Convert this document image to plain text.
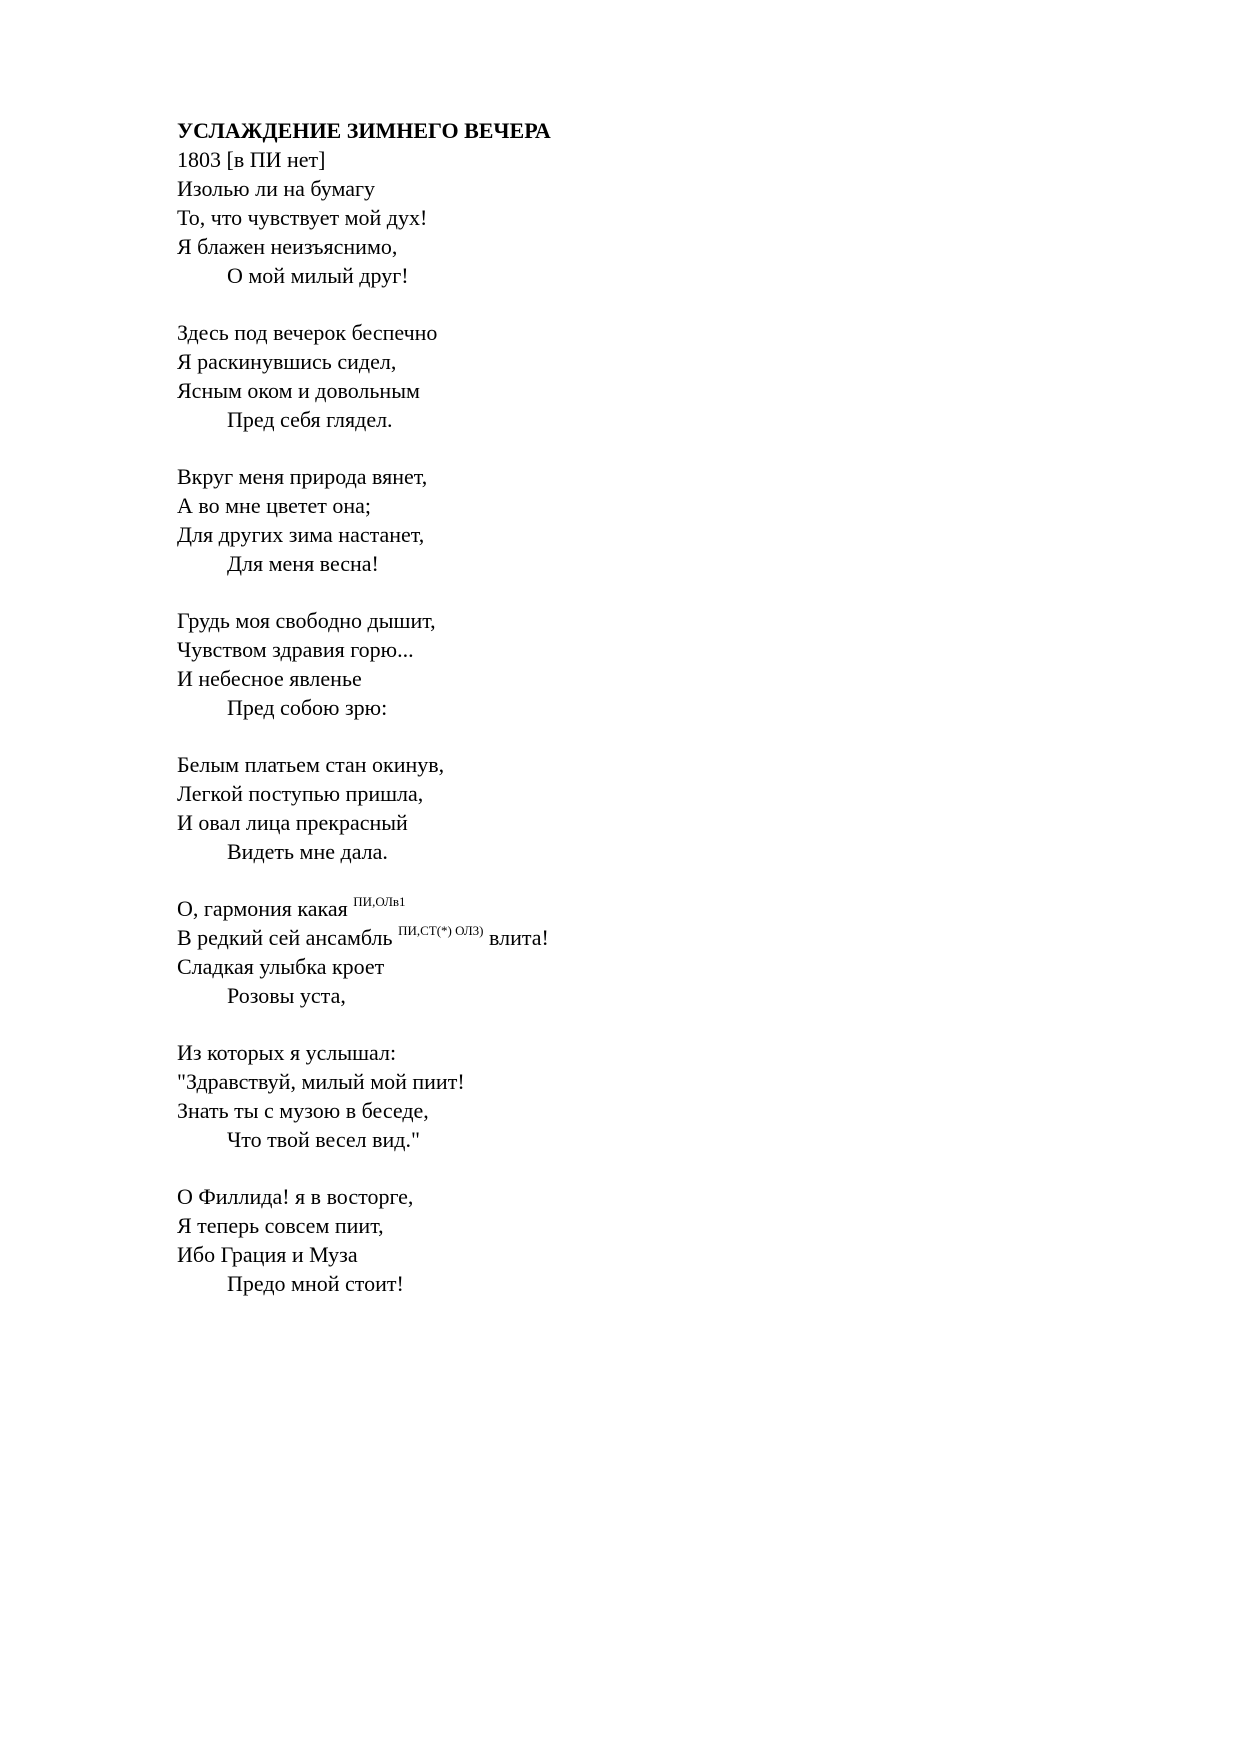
УСЛАЖДЕНИЕ ЗИМНЕГО ВЕЧЕРА
1803 [в ПИ нет]
Изолью ли на бумагу
То, что чувствует мой дух!
Я блажен неизъяснимо,
О мой милый друг!
Здесь под вечерок беспечно
Я раскинувшись сидел,
Ясным оком и довольным
Пред себя глядел.
Вкруг меня природа вянет,
А во мне цветет она;
Для других зима настанет,
Для меня весна!
Грудь моя свободно дышит,
Чувством здравия горю...
И небесное явленье
Пред собою зрю:
Белым платьем стан окинув,
Легкой поступью пришла,
И овал лица прекрасный
Видеть мне дала.
О, гармония какая $^{ПИ,ОЛв1}$
В редкий сей ансамбль $^{ПИ,СТ(*) ОЛ3)}$ влита!
Сладкая улыбка кроет
Розовы уста,
Из которых я услышал:
"Здравствуй, милый мой пиит!
Знать ты с музою в беседе,
Что твой весел вид."
О Филлида! я в восторге,
Я теперь совсем пиит,
Ибо Грация и Муза
Предо мной стоит!
